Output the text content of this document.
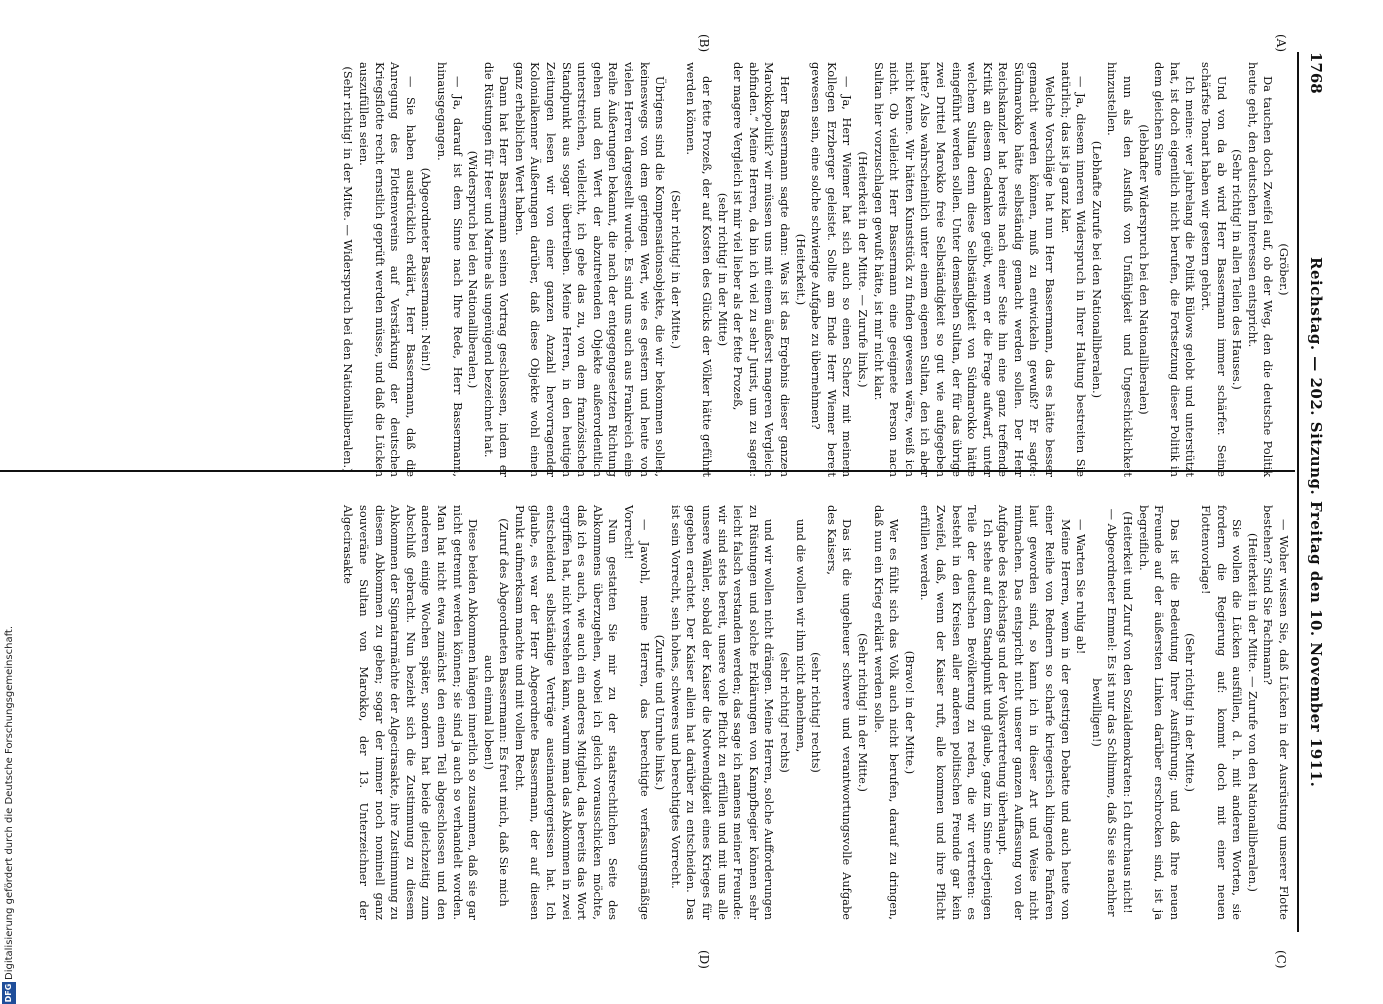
1768
Reichstag. — 202. Sitzung. Freitag den 10. November 1911.
(A)
(B)
(C)
(D)

(Gröber.)

Da tauchen doch Zweifel auf, ob der Weg, den die deutsche Politik heute geht, den deutschen Interessen entspricht.

(Sehr richtig! in allen Teilen des Hauses.)

Und von da ab wird Herr Bassermann immer schärfer. Seine schärfste Tonart haben wir gestern gehört.

Ich meine: wer jahrelang die Politik Bülows gelobt und unterstützt hat, ist doch eigentlich nicht berufen, die Fortsetzung dieser Politik in dem gleichen Sinne

(lebhafter Widerspruch bei den Nationalliberalen)

nun als den Ausfluß von Unfähigkeit und Ungeschicklichkeit hinzustellen.

(Lebhafte Zurufe bei den Nationalliberalen.)

— Ja, diesem inneren Widerspruch in Ihrer Haltung bestreiten Sie natürlich; das ist ja ganz klar.

Welche Vorschläge hat nun Herr Bassermann, das es hätte besser gemacht werden können, muß zu entwickeln gewußt? Er sagte: Südmarokko hätte selbständig gemacht werden sollen. Der Herr Reichskanzler hat bereits nach einer Seite hin eine ganz treffende Kritik an diesem Gedanken geübt, wenn er die Frage aufwarf, unter welchem Sultan denn diese Selbständigkeit von Südmarokko hätte eingeführt werden sollen. Unter demselben Sultan, der für das übrige zwei Drittel Marokko freie Selbständigkeit so gut wie aufgegeben hatte? Also wahrscheinlich unter einem eigenen Sultan, den ich aber nicht kenne. Wir hätten Kunststück zu finden gewesen wäre, weiß ich nicht. Ob vielleicht Herr Bassermann eine geeignete Person nach Sultan hier vorzuschlagen gewußt hätte, ist mir nicht klar.

(Heiterkeit in der Mitte. — Zurufe links.)

— Ja, Herr Wiemer hat sich auch so einen Scherz mit meinem Kollegen Erzberger geleistet. Sollte am Ende Herr Wiemer bereit gewesen sein, eine solche schwierige Aufgabe zu übernehmen?

(Heiterkeit.)

Herr Bassermann sagte dann: Was ist das Ergebnis dieser ganzen Marokkopolitik? wir müssen uns mit einem äußerst mageren Vergleich abfinden.“ Meine Herren, da bin ich viel zu sehr Jurist, um zu sagen: der magere Vergleich ist mir viel lieber als der fette Prozeß,

(sehr richtig! in der Mitte)

der fette Prozeß, der auf Kosten des Glücks der Völker hätte geführt werden können.

(Sehr richtig! in der Mitte.)

Übrigens sind die Kompensationsobjekte, die wir bekommen sollen, keineswegs von dem geringen Wert, wie es gestern und heute von vielen Herren dargestellt wurde. Es sind uns auch aus Frankreich eine Reihe Äußerungen bekannt, die nach der entgegengesetzten Richtung gehen und den Wert der abzutretenden Objekte außerordentlich unterstreichen, vielleicht, ich gebe das zu, von dem französischen Standpunkt aus sogar übertreiben. Meine Herren, in den heutigen Zeitungen lesen wir von einer ganzen Anzahl hervorragender Kolonialkenner Äußerungen darüber, daß diese Objekte wohl einen ganz erheblichen Wert haben.

Dann hat Herr Bassermann seinen Vortrag geschlossen, indem er die Rüstungen für Heer und Marine als ungenügend bezeichnet hat.

(Widerspruch bei den Nationalliberalen.)

— Ja, darauf ist dem Sinne nach Ihre Rede, Herr Bassermann, hinausgegangen.

(Abgeordneter Bassermann: Nein!)

— Sie haben ausdrücklich erklärt, Herr Bassermann, daß die Anregung des Flottenvereins auf Verstärkung der deutschen Kriegsflotte recht ernstlich geprüft werden müsse, und daß die Lücken auszufüllen seien.

(Sehr richtig! in der Mitte. — Widerspruch bei den Nationalliberalen.)

— Woher wissen Sie, daß Lücken in der Ausrüstung unserer Flotte bestehen? Sind Sie Fachmann?

(Heiterkeit in der Mitte. — Zurufe von den Nationalliberalen.)

Sie wollen die Lücken ausfüllen, d. h. mit anderen Worten, sie fordern die Regierung auf: kommt doch mit einer neuen Flottenvorlage!

(Sehr richtig! in der Mitte.)

Das ist die Bedeutung Ihrer Ausführung; und daß Ihre neuen Freunde auf der äußersten Linken darüber erschrocken sind, ist ja begreiflich.

(Heiterkeit und Zuruf von den Sozialdemokraten: Ich durchaus nicht! — Abgeordneter Emmel: Es ist nur das Schlimme, daß Sie sie nachher bewilligen!)

— Warten Sie ruhig ab!

Meine Herren, wenn in der gestrigen Debatte und auch heute von einer Reihe von Rednern so scharfe kriegerisch klingende Fanfaren laut geworden sind, so kann ich in dieser Art und Weise nicht mitmachen. Das entspricht nicht unserer ganzen Auffassung von der Aufgabe des Reichstags und der Volksvertretung überhaupt.

Ich stehe auf dem Standpunkt und glaube, ganz im Sinne derjenigen Teile der deutschen Bevölkerung zu reden, die wir vertreten: es besteht in den Kreisen aller anderen politischen Freunde gar kein Zweifel, daß, wenn der Kaiser ruft, alle kommen und ihre Pflicht erfüllen werden.

(Bravo! in der Mitte.)

Wer es fühlt sich das Volk auch nicht berufen, darauf zu dringen, daß nun ein Krieg erklärt werden solle.

(Sehr richtig! in der Mitte.)

Das ist die ungeheuer schwere und verantwortungsvolle Aufgabe des Kaisers,

(sehr richtig! rechts)

und die wollen wir ihm nicht abnehmen,

(sehr richtig! rechts)

und wir wollen nicht drängen. Meine Herren, solche Aufforderungen zu Rüstungen und solche Erklärungen von Kampfbegier können sehr leicht falsch verstanden werden; das sage ich namens meiner Freunde: wir sind stets bereit, unsere volle Pflicht zu erfüllen und mit uns alle unsere Wähler, sobald der Kaiser die Notwendigkeit eines Krieges für gegeben erachtet. Der Kaiser allein hat darüber zu entscheiden. Das ist sein Vorrecht, sein hohes, schweres und berechtigtes Vorrecht.

(Zurufe und Unruhe links.)

— Jawohl, meine Herren, das berechtigte verfassungsmäßige Vorrecht!

Nun gestatten Sie mir zu der staatsrechtlichen Seite des Abkommens überzugehen, wobei ich gleich vorausschicken möchte, daß ich es auch, wie auch ein anderes Mitglied, das bereits das Wort ergriffen hat, nicht verstehen kann, warum man das Abkommen in zwei entscheidend selbständige Verträge auseinandergerissen hat. Ich glaube, es war der Herr Abgeordnete Bassermann, der auf diesen Punkt aufmerksam machte und mit vollem Recht.

(Zuruf des Abgeordneten Bassermann: Es freut mich, daß Sie mich auch einmal loben!)

Diese beiden Abkommen hängen innerlich so zusammen, daß sie gar nicht getrennt werden können; sie sind ja auch so verhandelt worden. Man hat nicht etwa zunächst den einen Teil abgeschlossen und den anderen einige Wochen später, sondern hat beide gleichzeitig zum Abschluß gebracht. Nun bezieht sich die Zustimmung zu diesem Abkommen der Signatarmächte der Algecirasakte, ihre Zustimmung zu diesem Abkommen zu geben; sogar der immer noch nominell ganz souveräne Sultan von Marokko, der 13. Unterzeichner der Algecirasakte

Digitalisierung gefördert durch die Deutsche Forschungsgemeinschaft.
DFG
